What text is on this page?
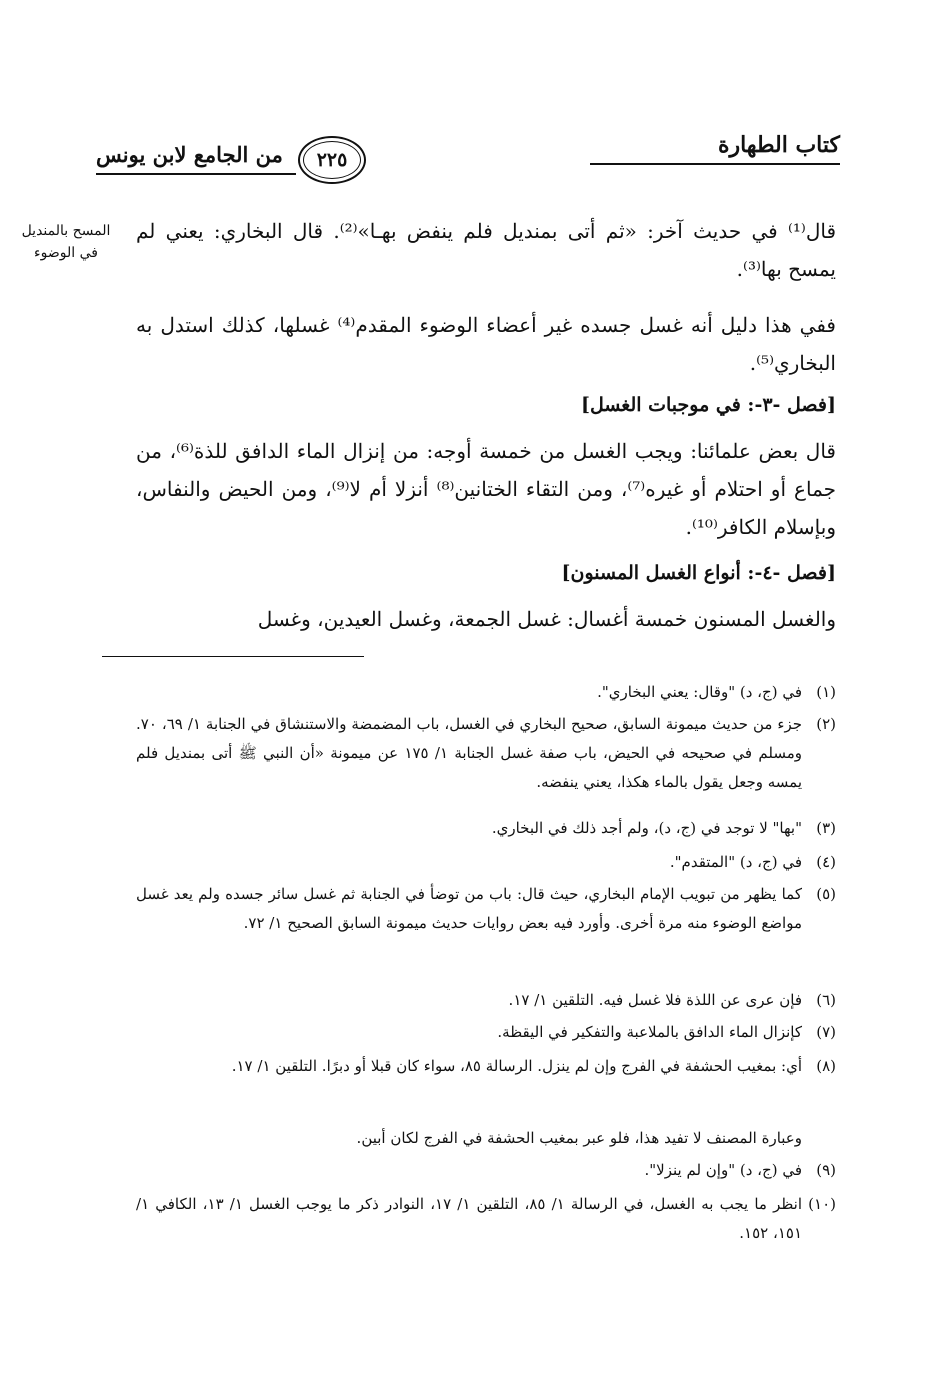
كتاب الطهارة
٢٢٥
من الجامع لابن يونس
المسح بالمنديل في الوضوء
قال⁽¹⁾ في حديث آخر: «ثم أتى بمنديل فلم ينفض بهـا»⁽²⁾. قال البخاري: يعني لم يمسح بها⁽³⁾.
ففي هذا دليل أنه غسل جسده غير أعضاء الوضوء المقدم⁽⁴⁾ غسلها، كذلك استدل به البخاري⁽⁵⁾.
[فصل -٣-: في موجبات الغسل]
قال بعض علمائنا: ويجب الغسل من خمسة أوجه: من إنزال الماء الدافق للذة⁽⁶⁾، من جماع أو احتلام أو غيره⁽⁷⁾، ومن التقاء الختانين⁽⁸⁾ أنزلا أم لا⁽⁹⁾، ومن الحيض والنفاس، وبإسلام الكافر⁽¹⁰⁾.
[فصل -٤-: أنواع الغسل المسنون]
والغسل المسنون خمسة أغسال: غسل الجمعة، وغسل العيدين، وغسل
(١)
في (ج، د) "وقال: يعني البخاري".
(٢)
جزء من حديث ميمونة السابق، صحيح البخاري في الغسل، باب المضمضة والاستنشاق في الجنابة ١/ ٦٩، ٧٠. ومسلم في صحيحه في الحيض، باب صفة غسل الجنابة ١/ ١٧٥ عن ميمونة «أن النبي ﷺ أتى بمنديل فلم يمسه وجعل يقول بالماء هكذا، يعني ينفضه.
(٣)
"بها" لا توجد في (ج، د)، ولم أجد ذلك في البخاري.
(٤)
في (ج، د) "المتقدم".
(٥)
كما يظهر من تبويب الإمام البخاري، حيث قال: باب من توضأ في الجنابة ثم غسل سائر جسده ولم يعد غسل مواضع الوضوء منه مرة أخرى. وأورد فيه بعض روايات حديث ميمونة السابق الصحيح ١/ ٧٢.
(٦)
فإن عرى عن اللذة فلا غسل فيه. التلقين ١/ ١٧.
(٧)
كإنزال الماء الدافق بالملاعبة والتفكير في اليقظة.
(٨)
أي: بمغيب الحشفة في الفرج وإن لم ينزل. الرسالة ٨٥، سواء كان قبلا أو دبرًا. التلقين ١/ ١٧.
وعبارة المصنف لا تفيد هذا، فلو عبر بمغيب الحشفة في الفرج لكان أبين.
(٩)
في (ج، د) "وإن لم ينزلا".
(١٠)
انظر ما يجب به الغسل، في الرسالة ١/ ٨٥، التلقين ١/ ١٧، النوادر ذكر ما يوجب الغسل ١/ ١٣، الكافي ١/ ١٥١، ١٥٢.
